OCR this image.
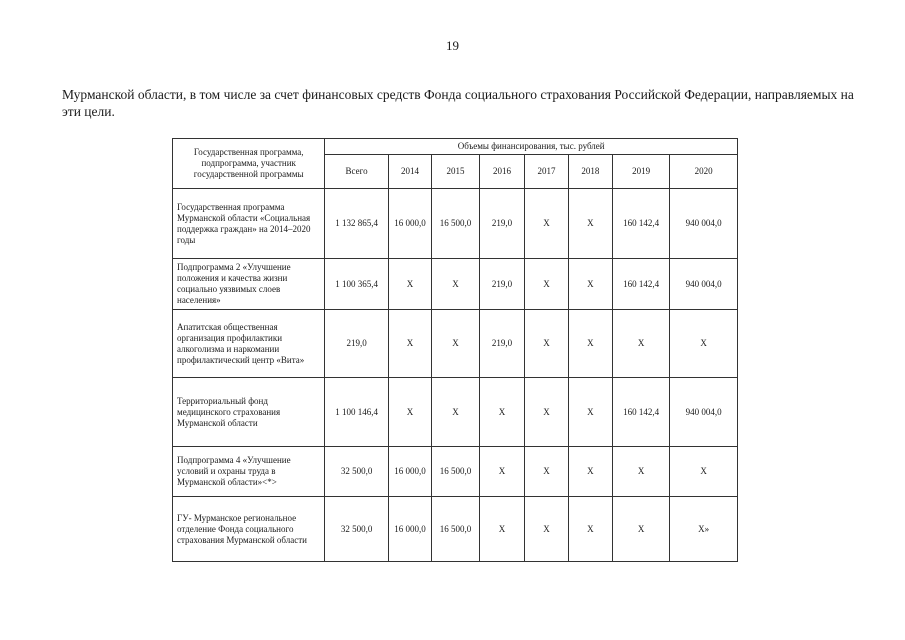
19
Мурманской области, в том числе за счет финансовых средств Фонда социального страхования Российской Федерации, направляемых на эти цели.
Государственная программа, подпрограмма, участник государственной программы	Объемы финансирования, тыс. рублей							
	Всего	2014	2015	2016	2017	2018	2019	2020
Государственная программа Мурманской области «Социальная поддержка граждан» на 2014–2020 годы	1 132 865,4	16 000,0	16 500,0	219,0	Х	Х	160 142,4	940 004,0
Подпрограмма 2 «Улучшение положения и качества жизни социально уязвимых слоев населения»	1 100 365,4	Х	Х	219,0	Х	Х	160 142,4	940 004,0
Апатитская общественная организация профилактики алкоголизма и наркомании профилактический центр «Вита»	219,0	Х	Х	219,0	Х	Х	Х	Х
Территориальный фонд медицинского страхования Мурманской области	1 100 146,4	Х	Х	Х	Х	Х	160 142,4	940 004,0
Подпрограмма 4 «Улучшение условий и охраны труда в Мурманской области»<*>	32 500,0	16 000,0	16 500,0	Х	Х	Х	Х	Х
ГУ- Мурманское региональное отделение Фонда социального страхования Мурманской области	32 500,0	16 000,0	16 500,0	Х	Х	Х	Х	Х»
